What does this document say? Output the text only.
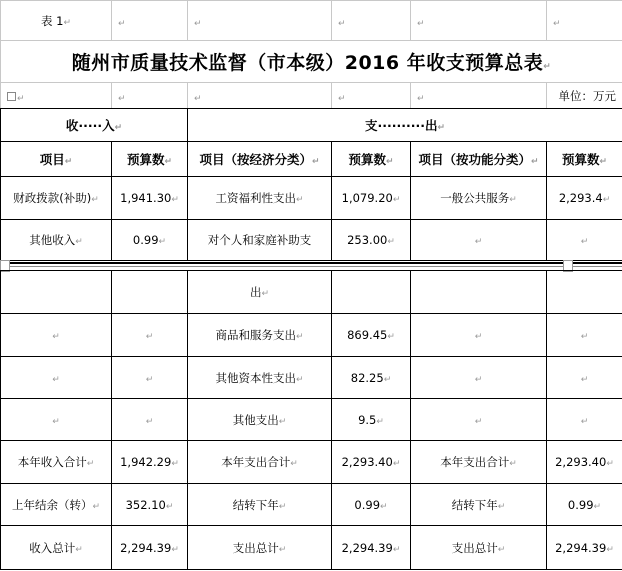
表 1↵	↵	↵	↵	↵	↵
随州市质量技术监督（市本级）2016 年收支预算总表↵					
↵	↵	↵	↵	↵	单位：万元
收·····入↵		支··········出↵			
项目↵	预算数↵	项目（按经济分类）↵	预算数↵	项目（按功能分类）↵	预算数↵
财政拨款(补助)↵	1,941.30↵	工资福利性支出↵	1,079.20↵	一般公共服务↵	2,293.4↵
其他收入↵	0.99↵	对个人和家庭补助支	253.00↵	↵	↵
		出↵			
↵	↵	商品和服务支出↵	869.45↵	↵	↵
↵	↵	其他资本性支出↵	82.25↵	↵	↵
↵	↵	其他支出↵	9.5↵	↵	↵
本年收入合计↵	1,942.29↵	本年支出合计↵	2,293.40↵	本年支出合计↵	2,293.40↵
上年结余（转）↵	352.10↵	结转下年↵	0.99↵	结转下年↵	0.99↵
收入总计↵	2,294.39↵	支出总计↵	2,294.39↵	支出总计↵	2,294.39↵
